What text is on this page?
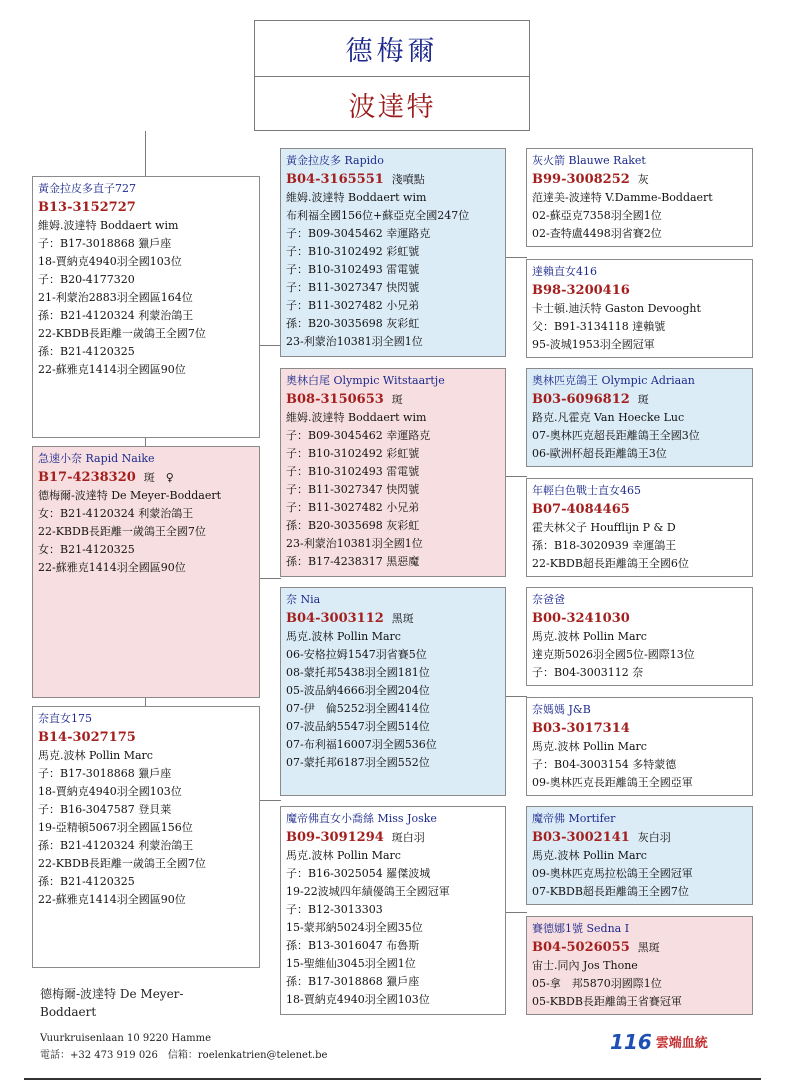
德梅爾
波達特
黃金拉皮多直子727
B13-3152727
維姆.波達特 Boddaert wim
子：B17-3018868 獵戶座
18-賈納克4940羽全國103位
子：B20-4177320
21-利蒙治2883羽全國區164位
孫：B21-4120324 利蒙治鴿王
22-KBDB長距離一歲鴿王全國7位
孫：B21-4120325
22-蘇雅克1414羽全國區90位
急速小奈 Rapid Naike
B17-4238320 斑　♀
德梅爾-波達特 De Meyer-Boddaert
女：B21-4120324 利蒙治鴿王
22-KBDB長距離一歲鴿王全國7位
女：B21-4120325
22-蘇雅克1414羽全國區90位
奈直女175
B14-3027175
馬克.波林 Pollin Marc
子：B17-3018868 獵戶座
18-賈納克4940羽全國103位
子：B16-3047587 登貝莱
19-亞精頓5067羽全國區156位
孫：B21-4120324 利蒙治鴿王
22-KBDB長距離一歲鴿王全國7位
孫：B21-4120325
22-蘇雅克1414羽全國區90位
黃金拉皮多 Rapido
B04-3165551 淺噴點
維姆.波達特 Boddaert wim
布利福全國156位+蘇亞克全國247位
子：B09-3045462 幸運路克
子：B10-3102492 彩虹號
子：B10-3102493 雷電號
子：B11-3027347 快閃號
子：B11-3027482 小兄弟
孫：B20-3035698 灰彩虹
23-利蒙治10381羽全國1位
奧林白尾 Olympic Witstaartje
B08-3150653 斑
維姆.波達特 Boddaert wim
子：B09-3045462 幸運路克
子：B10-3102492 彩虹號
子：B10-3102493 雷電號
子：B11-3027347 快閃號
子：B11-3027482 小兄弟
孫：B20-3035698 灰彩虹
23-利蒙治10381羽全國1位
孫：B17-4238317 黑惡魔
奈 Nia
B04-3003112 黑斑
馬克.波林 Pollin Marc
06-安格拉姆1547羽省賽5位
08-蒙托邦5438羽全國181位
05-波品納4666羽全國204位
07-伊　倫5252羽全國414位
07-波品納5547羽全國514位
07-布利福16007羽全國536位
07-蒙托邦6187羽全國552位
魔帝佛直女小喬絲 Miss Joske
B09-3091294 斑白羽
馬克.波林 Pollin Marc
子：B16-3025054 羅傑波城
19-22波城四年績優鴿王全國冠軍
子：B12-3013303
15-蒙邦納5024羽全國35位
孫：B13-3016047 布魯斯
15-聖維仙3045羽全國1位
孫：B17-3018868 獵戶座
18-賈納克4940羽全國103位
灰火箭 Blauwe Raket
B99-3008252 灰
范達美-波達特 V.Damme-Boddaert
02-蘇亞克7358羽全國1位
02-查特盧4498羽省賽2位
達賴直女416
B98-3200416
卡士頓.迪沃特 Gaston Devooght
父：B91-3134118 達賴號
95-波城1953羽全國冠軍
奧林匹克鴿王 Olympic Adriaan
B03-6096812 斑
路克.凡霍克 Van Hoecke Luc
07-奧林匹克超長距離鴿王全國3位
06-歐洲杯超長距離鴿王3位
年輕白色戰士直女465
B07-4084465
霍夫林父子 Houfflijn P & D
孫：B18-3020939 幸運鴿王
22-KBDB超長距離鴿王全國6位
奈爸爸
B00-3241030
馬克.波林 Pollin Marc
達克斯5026羽全國5位-國際13位
子：B04-3003112 奈
奈媽媽 J&B
B03-3017314
馬克.波林 Pollin Marc
子：B04-3003154 多特蒙德
09-奧林匹克長距離鴿王全國亞軍
魔帝佛 Mortifer
B03-3002141 灰白羽
馬克.波林 Pollin Marc
09-奧林匹克馬拉松鴿王全國冠軍
07-KBDB超長距離鴿王全國7位
賽德娜1號 Sedna I
B04-5026055 黑斑
宙士.同內 Jos Thone
05-拿　邦5870羽國際1位
05-KBDB長距離鴿王省賽冠軍
德梅爾-波達特 De Meyer-
Boddaert
Vuurkruisenlaan 10 9220 Hamme
電話：+32 473 919 026　信箱：roelenkatrien@telenet.be
116 雲端血統
